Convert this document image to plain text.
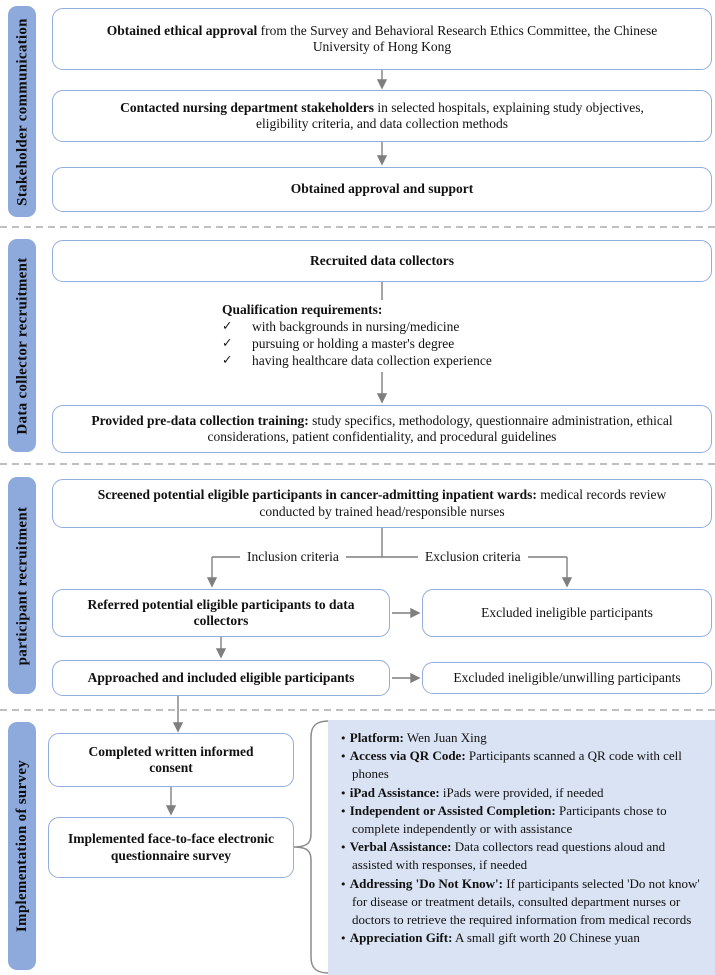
Stakeholder communication
Data collector recruitment
participant recruitment
Implementation of survey
Obtained ethical approval from the Survey and Behavioral Research Ethics Committee, the Chinese University of Hong Kong
Contacted nursing department stakeholders in selected hospitals, explaining study objectives, eligibility criteria, and data collection methods
Obtained approval and support
Recruited data collectors
Qualification requirements:
✓	with backgrounds in nursing/medicine
✓	pursuing or holding a master's degree
✓	having healthcare data collection experience
Provided pre-data collection training: study specifics, methodology, questionnaire administration, ethical considerations, patient confidentiality, and procedural guidelines
Screened potential eligible participants in cancer-admitting inpatient wards: medical records review conducted by trained head/responsible nurses
Inclusion criteria	Exclusion criteria
Referred potential eligible participants to data collectors
Excluded ineligible participants
Approached and included eligible participants	Excluded ineligible/unwilling participants
Completed written informed consent
Implemented face-to-face electronic questionnaire survey
• Platform: Wen Juan Xing
• Access via QR Code: Participants scanned a QR code with cell phones
• iPad Assistance: iPads were provided, if needed
• Independent or Assisted Completion: Participants chose to complete independently or with assistance
• Verbal Assistance: Data collectors read questions aloud and assisted with responses, if needed
• Addressing 'Do Not Know': If participants selected 'Do not know' for disease or treatment details, consulted department nurses or doctors to retrieve the required information from medical records
• Appreciation Gift: A small gift worth 20 Chinese yuan
